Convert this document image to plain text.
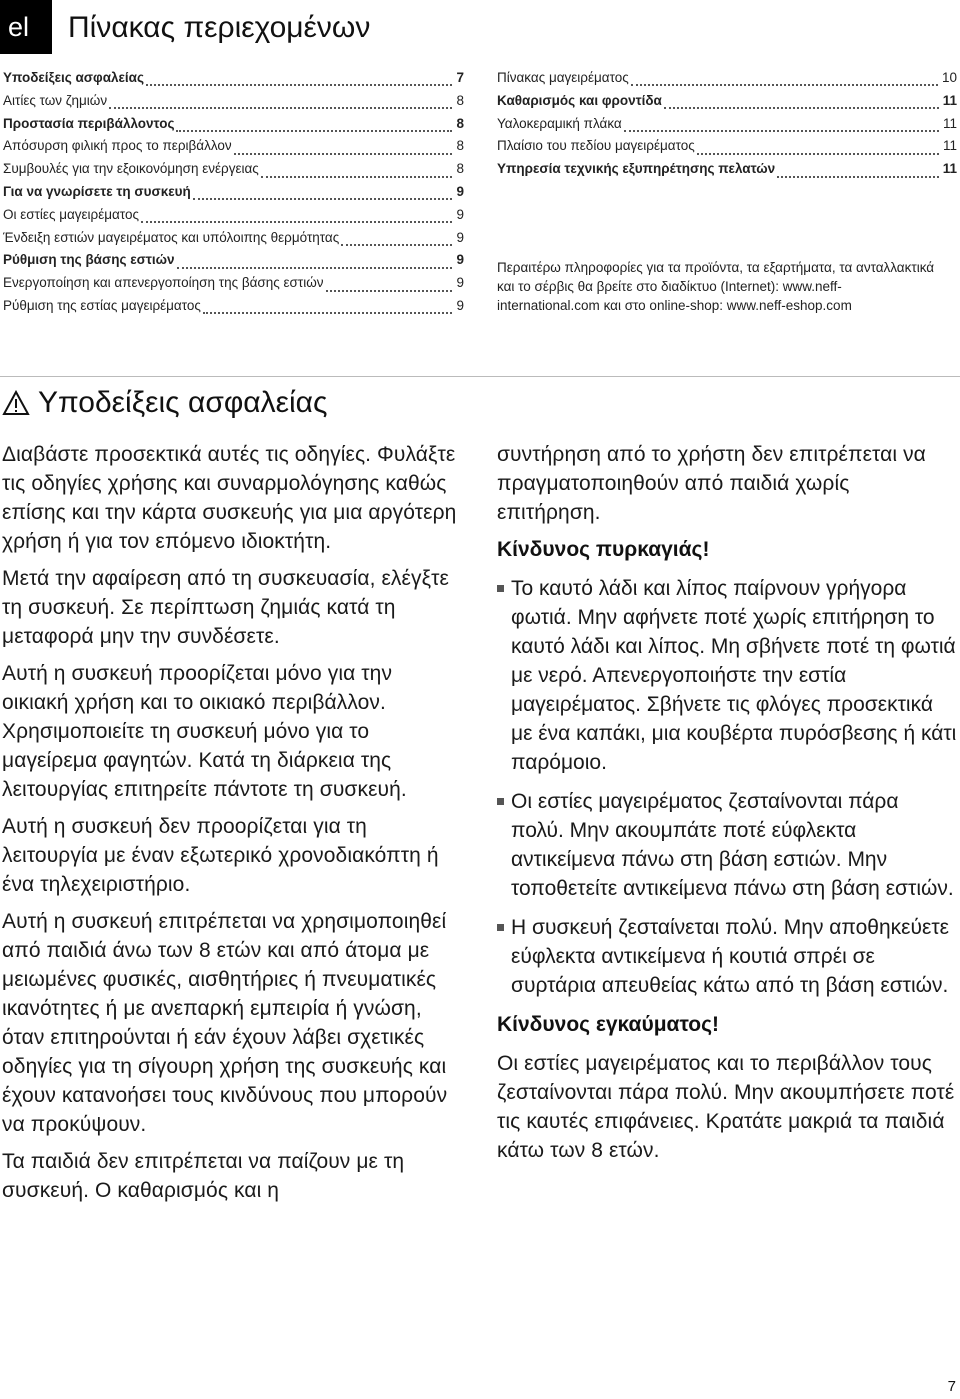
el	Πίνακας περιεχομένων
Υποδείξεις ασφαλείας	7
Αιτίες των ζημιών	8
Προστασία περιβάλλοντος	8
Απόσυρση φιλική προς το περιβάλλον	8
Συμβουλές για την εξοικονόμηση ενέργειας	8
Για να γνωρίσετε τη συσκευή	9
Οι εστίες μαγειρέματος	9
Ένδειξη εστιών μαγειρέματος και υπόλοιπης θερμότητας	9
Ρύθμιση της βάσης εστιών	9
Ενεργοποίηση και απενεργοποίηση της βάσης εστιών	9
Ρύθμιση της εστίας μαγειρέματος	9
Πίνακας μαγειρέματος	10
Καθαρισμός και φροντίδα	11
Υαλοκεραμική πλάκα	11
Πλαίσιο του πεδίου μαγειρέματος	11
Υπηρεσία τεχνικής εξυπηρέτησης πελατών	11

Περαιτέρω πληροφορίες για τα προϊόντα, τα εξαρτήματα, τα ανταλλακτικά και το σέρβις θα βρείτε στο διαδίκτυο (Internet): www.neff-international.com και στο online-shop: www.neff-eshop.com

Υποδείξεις ασφαλείας

Διαβάστε προσεκτικά αυτές τις οδηγίες. Φυλάξτε τις οδηγίες χρήσης και συναρμολόγησης καθώς επίσης και την κάρτα συσκευής για μια αργότερη χρήση ή για τον επόμενο ιδιοκτήτη.

Μετά την αφαίρεση από τη συσκευασία, ελέγξτε τη συσκευή. Σε περίπτωση ζημιάς κατά τη μεταφορά μην την συνδέσετε.

Αυτή η συσκευή προορίζεται μόνο για την οικιακή χρήση και το οικιακό περιβάλλον. Χρησιμοποιείτε τη συσκευή μόνο για το μαγείρεμα φαγητών. Κατά τη διάρκεια της λειτουργίας επιτηρείτε πάντοτε τη συσκευή.

Αυτή η συσκευή δεν προορίζεται για τη λειτουργία με έναν εξωτερικό χρονοδιακόπτη ή ένα τηλεχειριστήριο.

Αυτή η συσκευή επιτρέπεται να χρησιμοποιηθεί από παιδιά άνω των 8 ετών και από άτομα με μειωμένες φυσικές, αισθητήριες ή πνευματικές ικανότητες ή με ανεπαρκή εμπειρία ή γνώση, όταν επιτηρούνται ή εάν έχουν λάβει σχετικές οδηγίες για τη σίγουρη χρήση της συσκευής και έχουν κατανοήσει τους κινδύνους που μπορούν να προκύψουν.

Τα παιδιά δεν επιτρέπεται να παίζουν με τη συσκευή. Ο καθαρισμός και η

συντήρηση από το χρήστη δεν επιτρέπεται να πραγματοποιηθούν από παιδιά χωρίς επιτήρηση.

Κίνδυνος πυρκαγιάς!
Το καυτό λάδι και λίπος παίρνουν γρήγορα φωτιά. Μην αφήνετε ποτέ χωρίς επιτήρηση το καυτό λάδι και λίπος. Μη σβήνετε ποτέ τη φωτιά με νερό. Απενεργοποιήστε την εστία μαγειρέματος. Σβήνετε τις φλόγες προσεκτικά με ένα καπάκι, μια κουβέρτα πυρόσβεσης ή κάτι παρόμοιο.
Οι εστίες μαγειρέματος ζεσταίνονται πάρα πολύ. Μην ακουμπάτε ποτέ εύφλεκτα αντικείμενα πάνω στη βάση εστιών. Μην τοποθετείτε αντικείμενα πάνω στη βάση εστιών.
Η συσκευή ζεσταίνεται πολύ. Μην αποθηκεύετε εύφλεκτα αντικείμενα ή κουτιά σπρέι σε συρτάρια απευθείας κάτω από τη βάση εστιών.
Κίνδυνος εγκαύματος!

Οι εστίες μαγειρέματος και το περιβάλλον τους ζεσταίνονται πάρα πολύ. Μην ακουμπήσετε ποτέ τις καυτές επιφάνειες. Κρατάτε μακριά τα παιδιά κάτω των 8 ετών.

7
